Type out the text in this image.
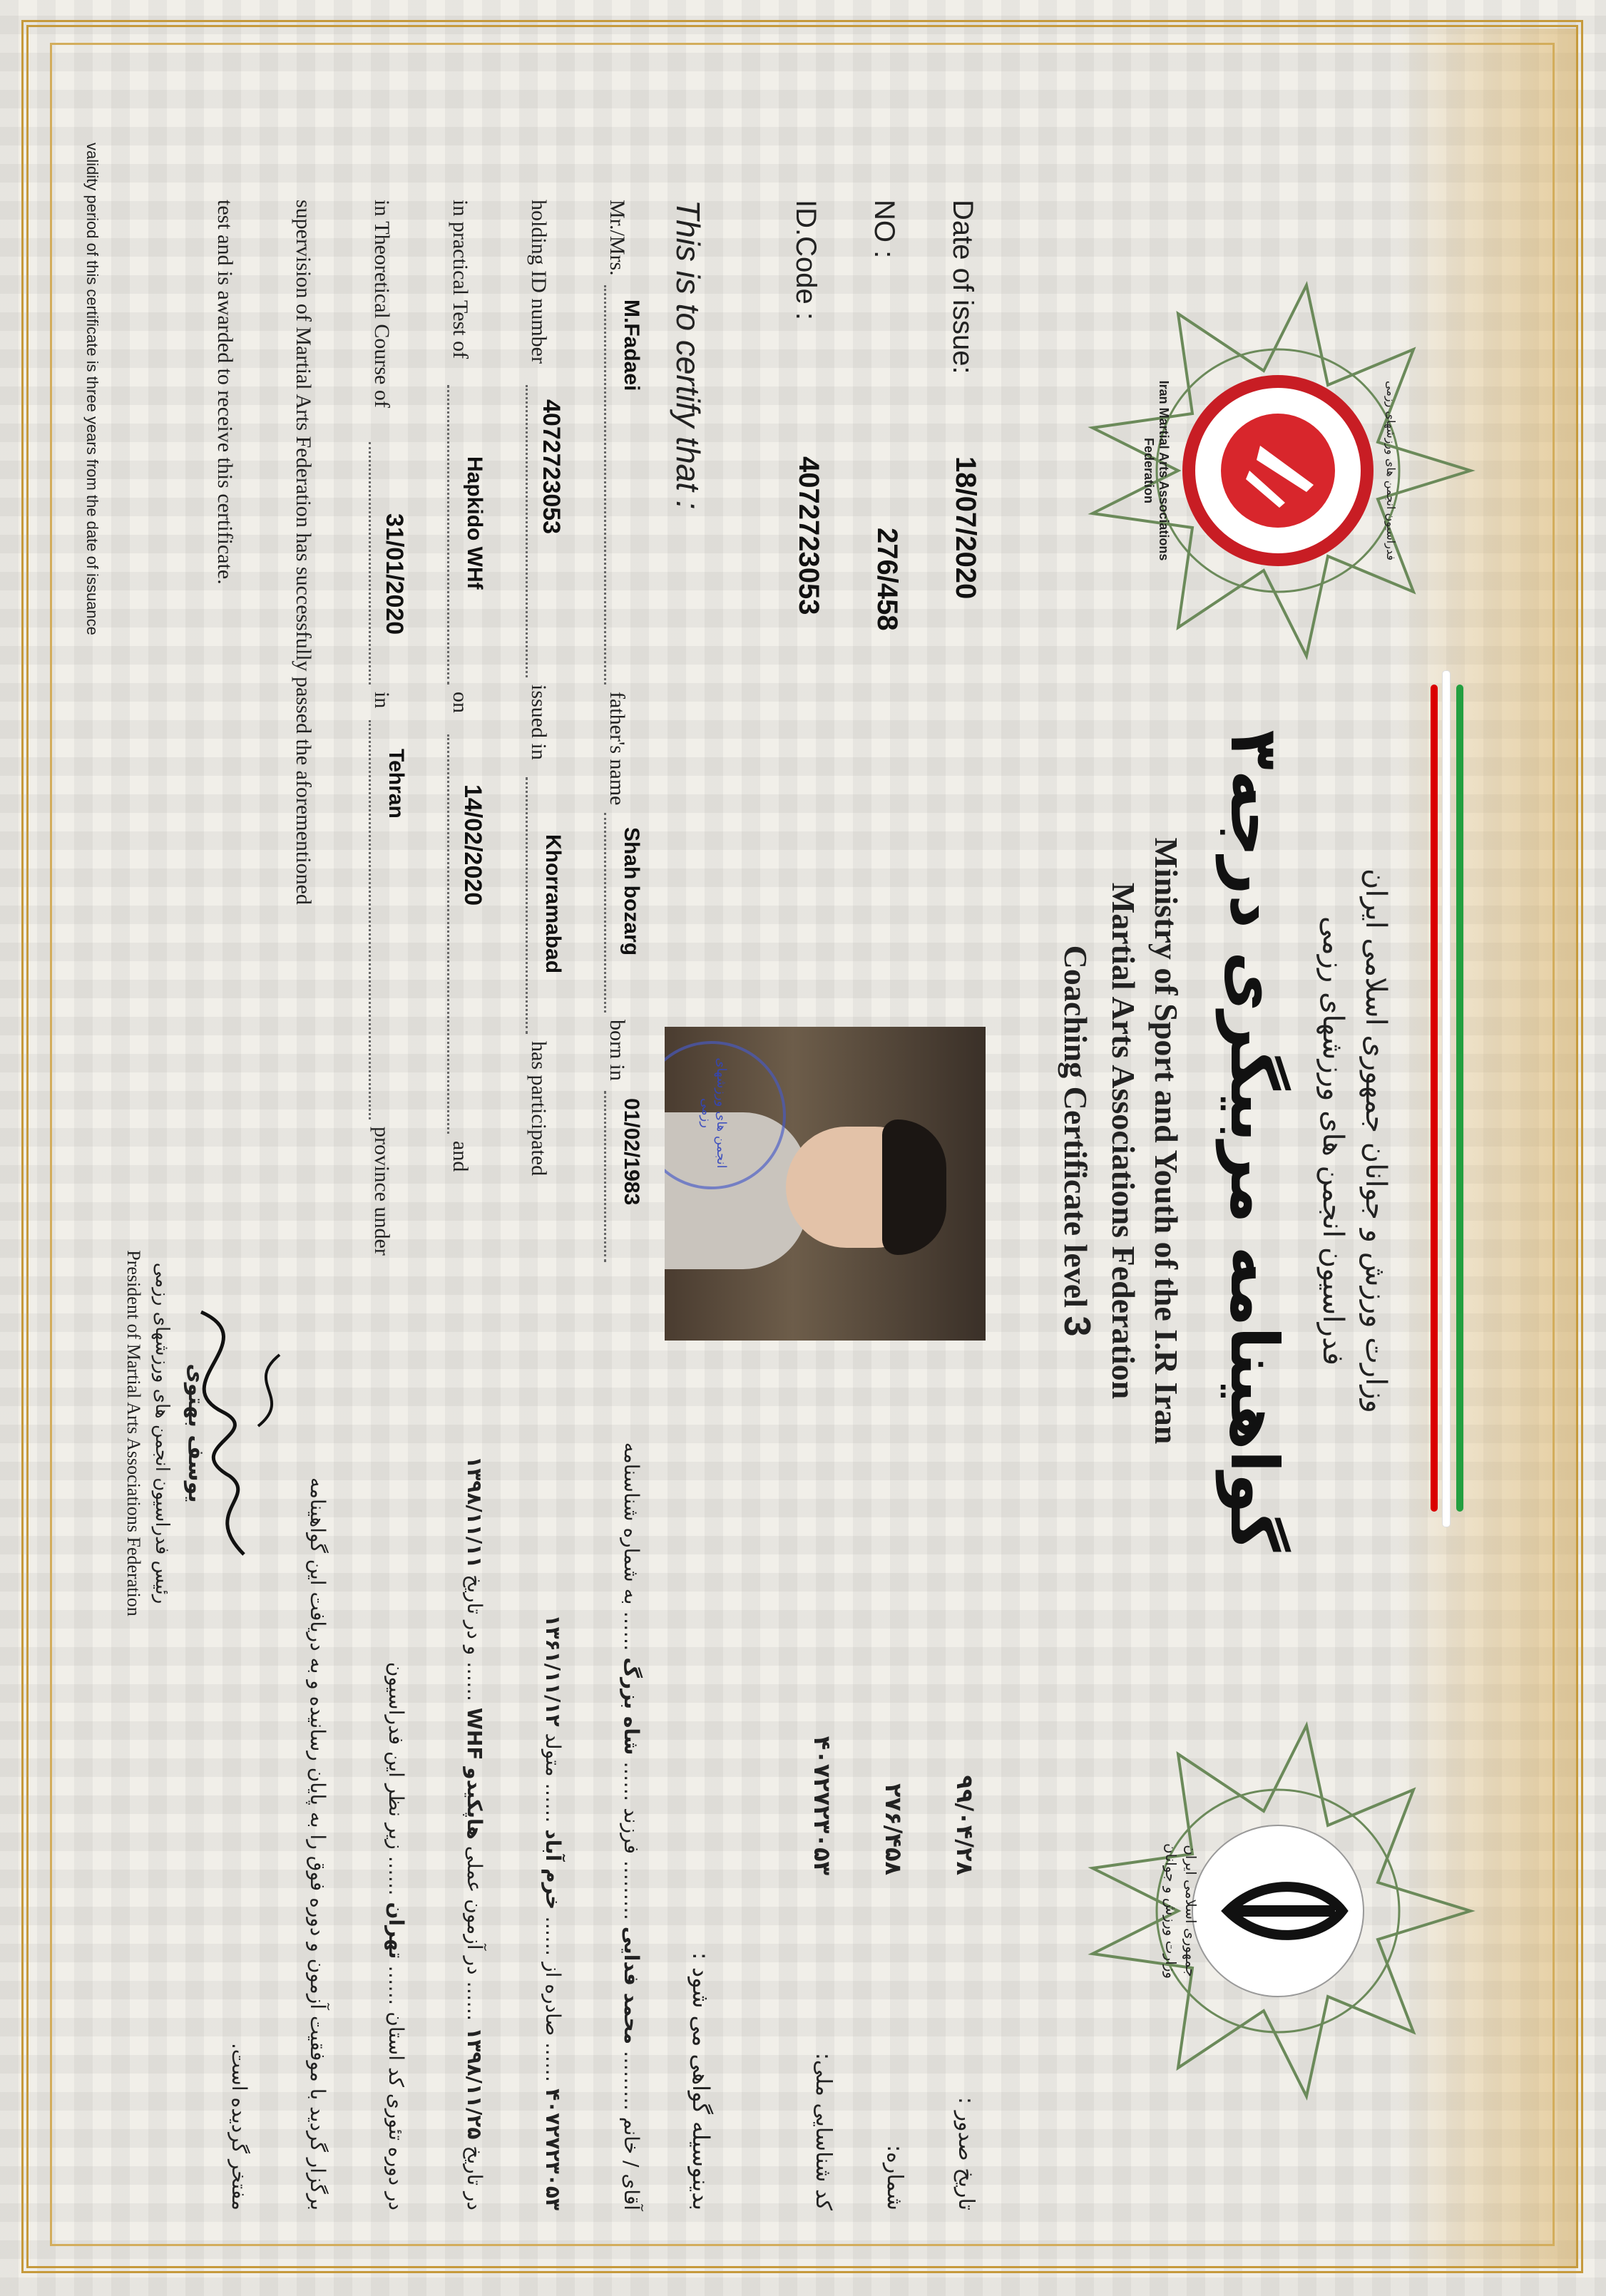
وزارت ورزش و جوانان جمهوری اسلامی ایران
فدراسیون انجمن های ورزشهای رزمی
گواهینامه مربیگری درجه۳
Ministry of Sport and Youth of the I.R Iran
Martial Arts Associations Federation
Coaching Certificate level 3
Iran Martial Arts Associations Federation	فدراسیون انجمن های ورزشهای رزمی
جمهوری اسلامی ایران
وزارت ورزش و جوانان
Date of issue:
18/07/2020
NO :
276/458
ID.Code :
4072723053
تاریخ صدور :
۹۹/۰۴/۲۸
شماره:
۲۷۶/۴۵۸
کد شناسایی ملی:
۴۰۷۲۷۲۳۰۵۳
انجمن های ورزشهای رزمی
This is to certify that :
Mr./Mrs.
M.Fadaei
father's name
Shah bozarg
born in
01/02/1983
holding ID number
4072723053
issued in
Khorramabad
has participated
in practical Test of
Hapkido WHf
on
14/02/2020
and
in Theoretical Course of
31/01/2020
in
Tehran
province under
supervision of Martial Arts Federation has successfully passed the aforementioned
test and is awarded to receive this certificate.
بدینوسیله گواهی می شود :
آقای / خانم ……… محمد فدایی ……… فرزند …… شاه بزرگ …… به شماره شناسنامه
۴۰۷۲۷۲۳۰۵۳ …… صادره از …… خرم آباد …… متولد ۱۳۶۱/۱۱/۱۲
در تاریخ ۱۳۹۸/۱۱/۲۵ …… در آزمون عملی هاپکیدو WHF …… و در تاریخ ۱۳۹۸/۱۱/۱۱
در دوره تئوری کد استان …… تهران …… زیر نظر این فدراسیون
برگزار گردید با موفقیت آزمون و دوره فوق را به پایان رسانیده و به دریافت این گواهینامه
مفتخر گردیده است.
یوسف بهتوی
رئیس فدراسیون انجمن های ورزشهای رزمی
President of Martial Arts Associations Federation
validity period of this certificate is three years from the date of issuance
